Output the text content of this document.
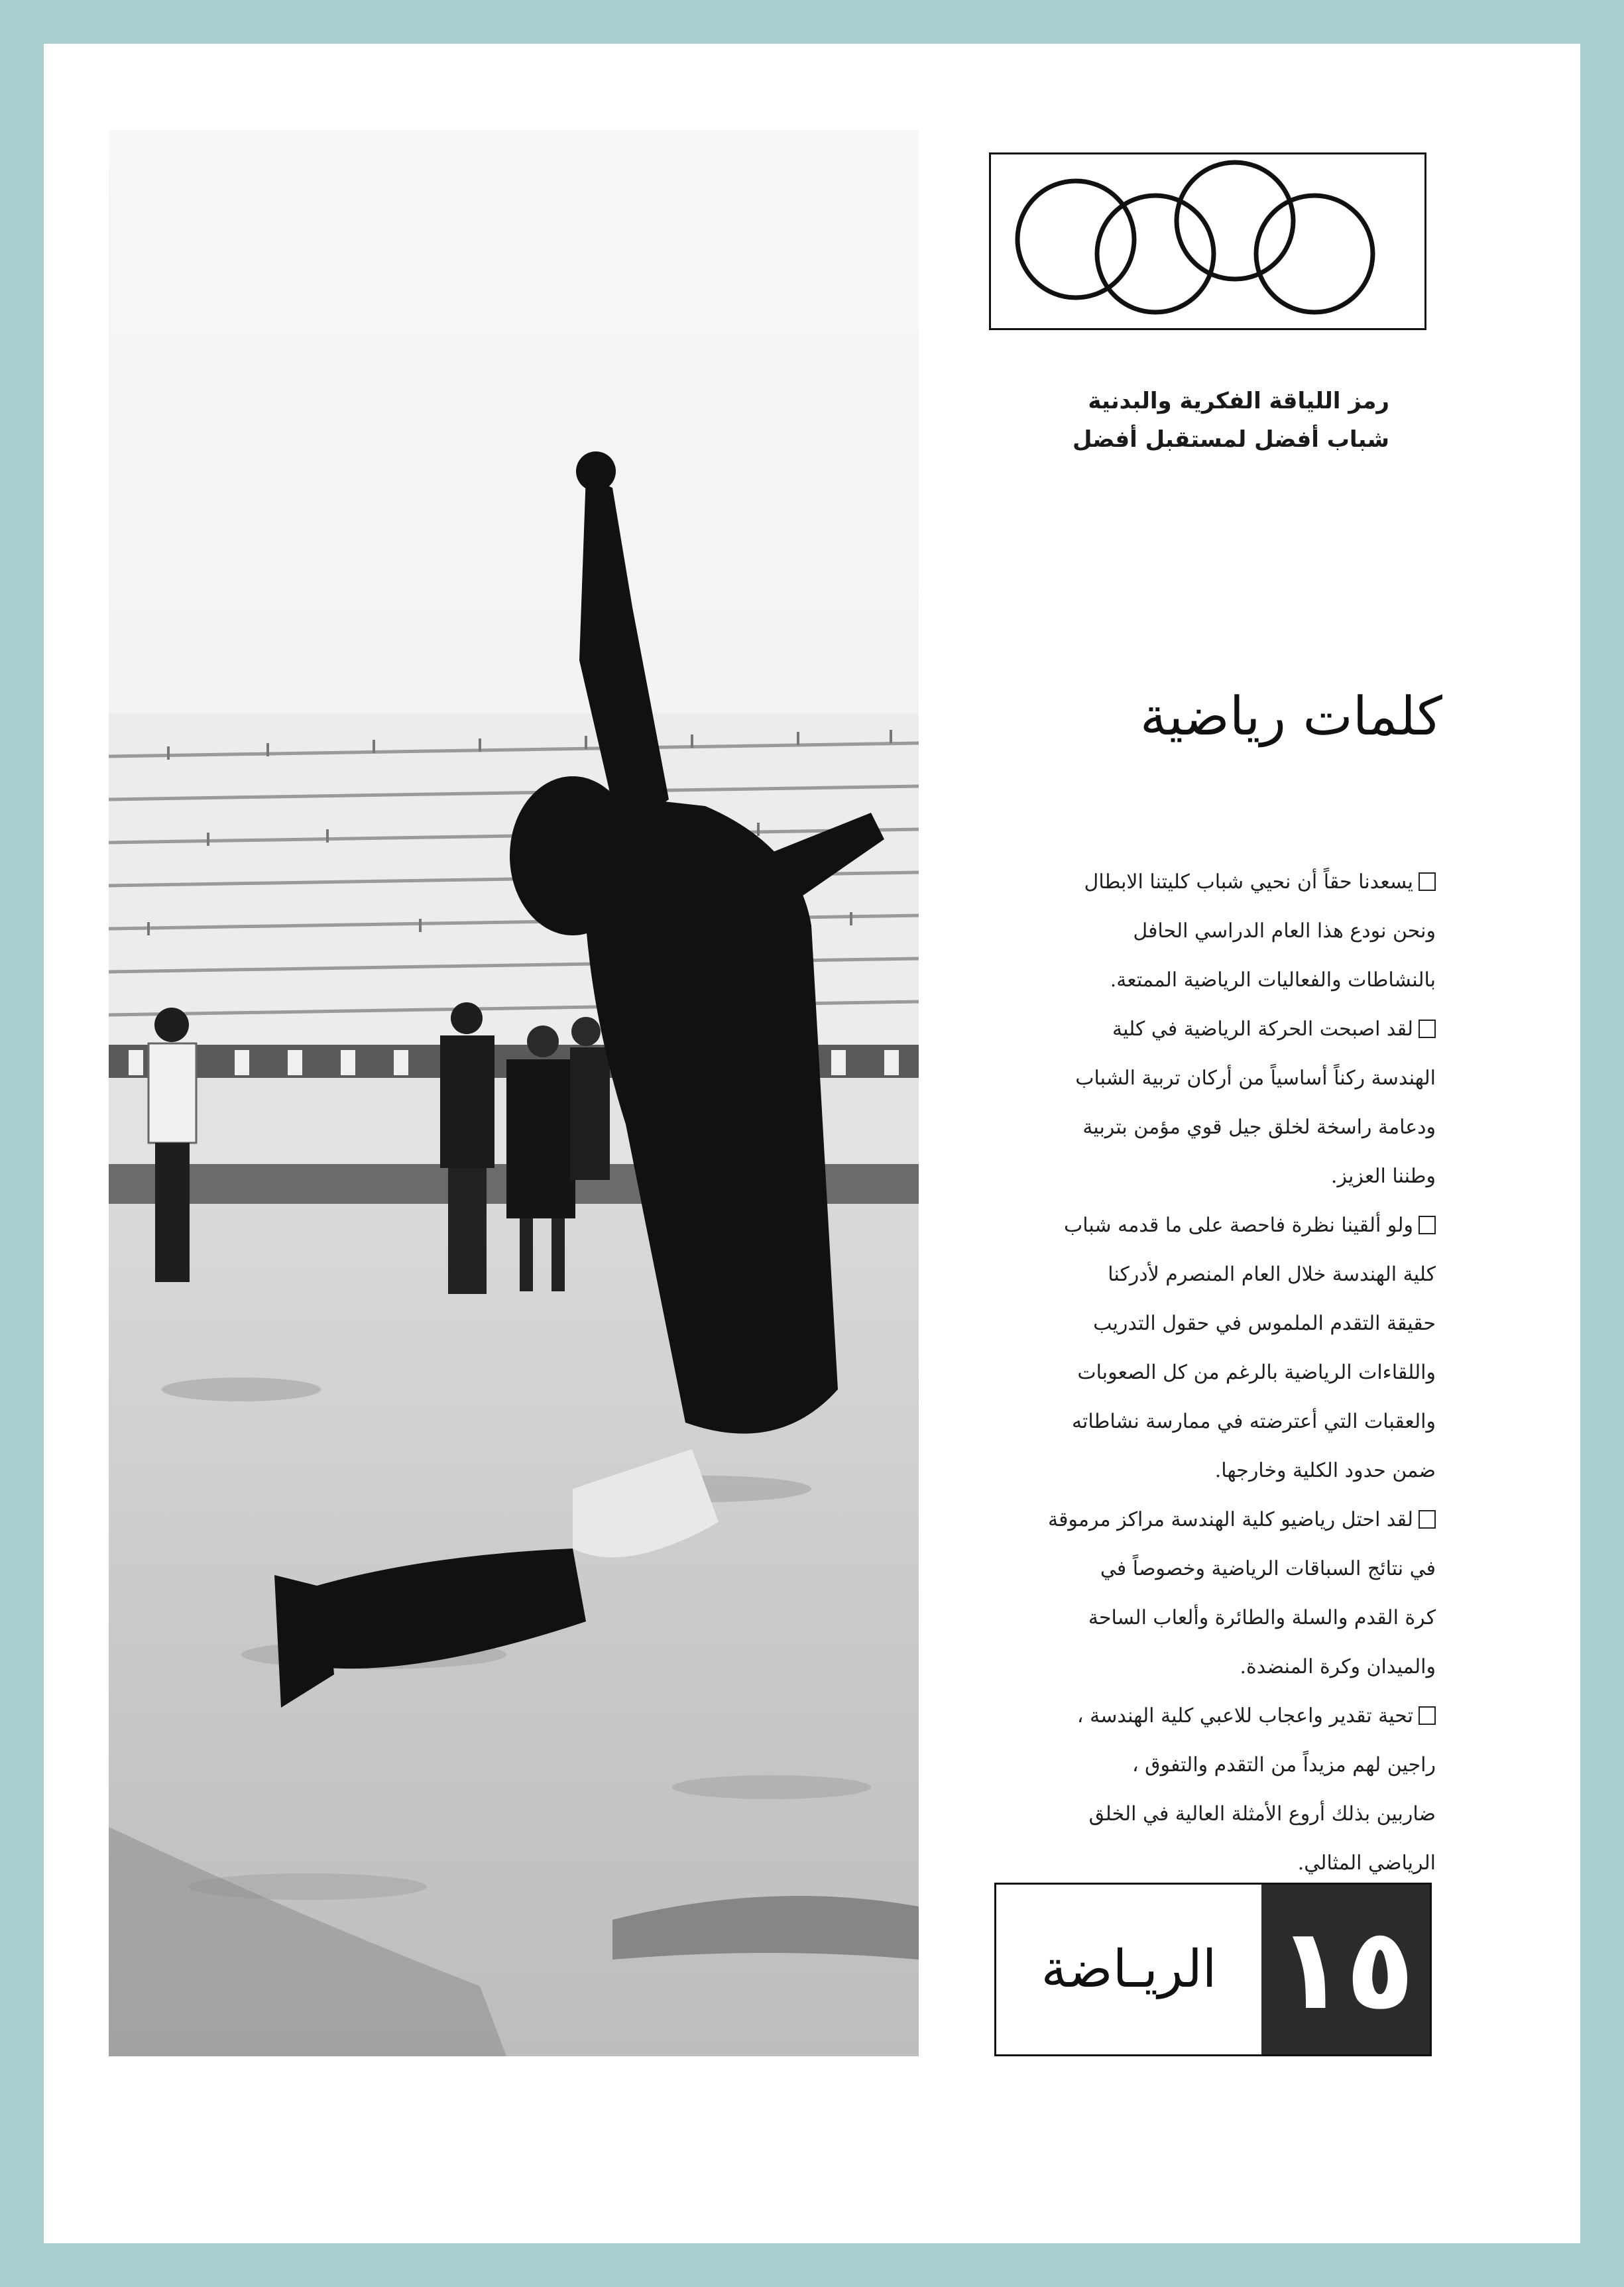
رمز اللياقة الفكرية والبدنية
شباب أفضل لمستقبل أفضل
كلمات رياضية
يسعدنا حقاً أن نحيي شباب كليتنا الابطال
ونحن نودع هذا العام الدراسي الحافل
بالنشاطات والفعاليات الرياضية الممتعة.
لقد اصبحت الحركة الرياضية في كلية
الهندسة ركناً أساسياً من أركان تربية الشباب
ودعامة راسخة لخلق جيل قوي مؤمن بتربية
وطننا العزيز.
ولو ألقينا نظرة فاحصة على ما قدمه شباب
كلية الهندسة خلال العام المنصرم لأدركنا
حقيقة التقدم الملموس في حقول التدريب
واللقاءات الرياضية بالرغم من كل الصعوبات
والعقبات التي أعترضته في ممارسة نشاطاته
ضمن حدود الكلية وخارجها.
لقد احتل رياضيو كلية الهندسة مراكز مرموقة
في نتائج السباقات الرياضية وخصوصاً في
كرة القدم والسلة والطائرة وألعاب الساحة
والميدان وكرة المنضدة.
تحية تقدير واعجاب للاعبي كلية الهندسة ،
راجين لهم مزيداً من التقدم والتفوق ،
ضاربين بذلك أروع الأمثلة العالية في الخلق
الرياضي المثالي.
الريـاضة ١٥
